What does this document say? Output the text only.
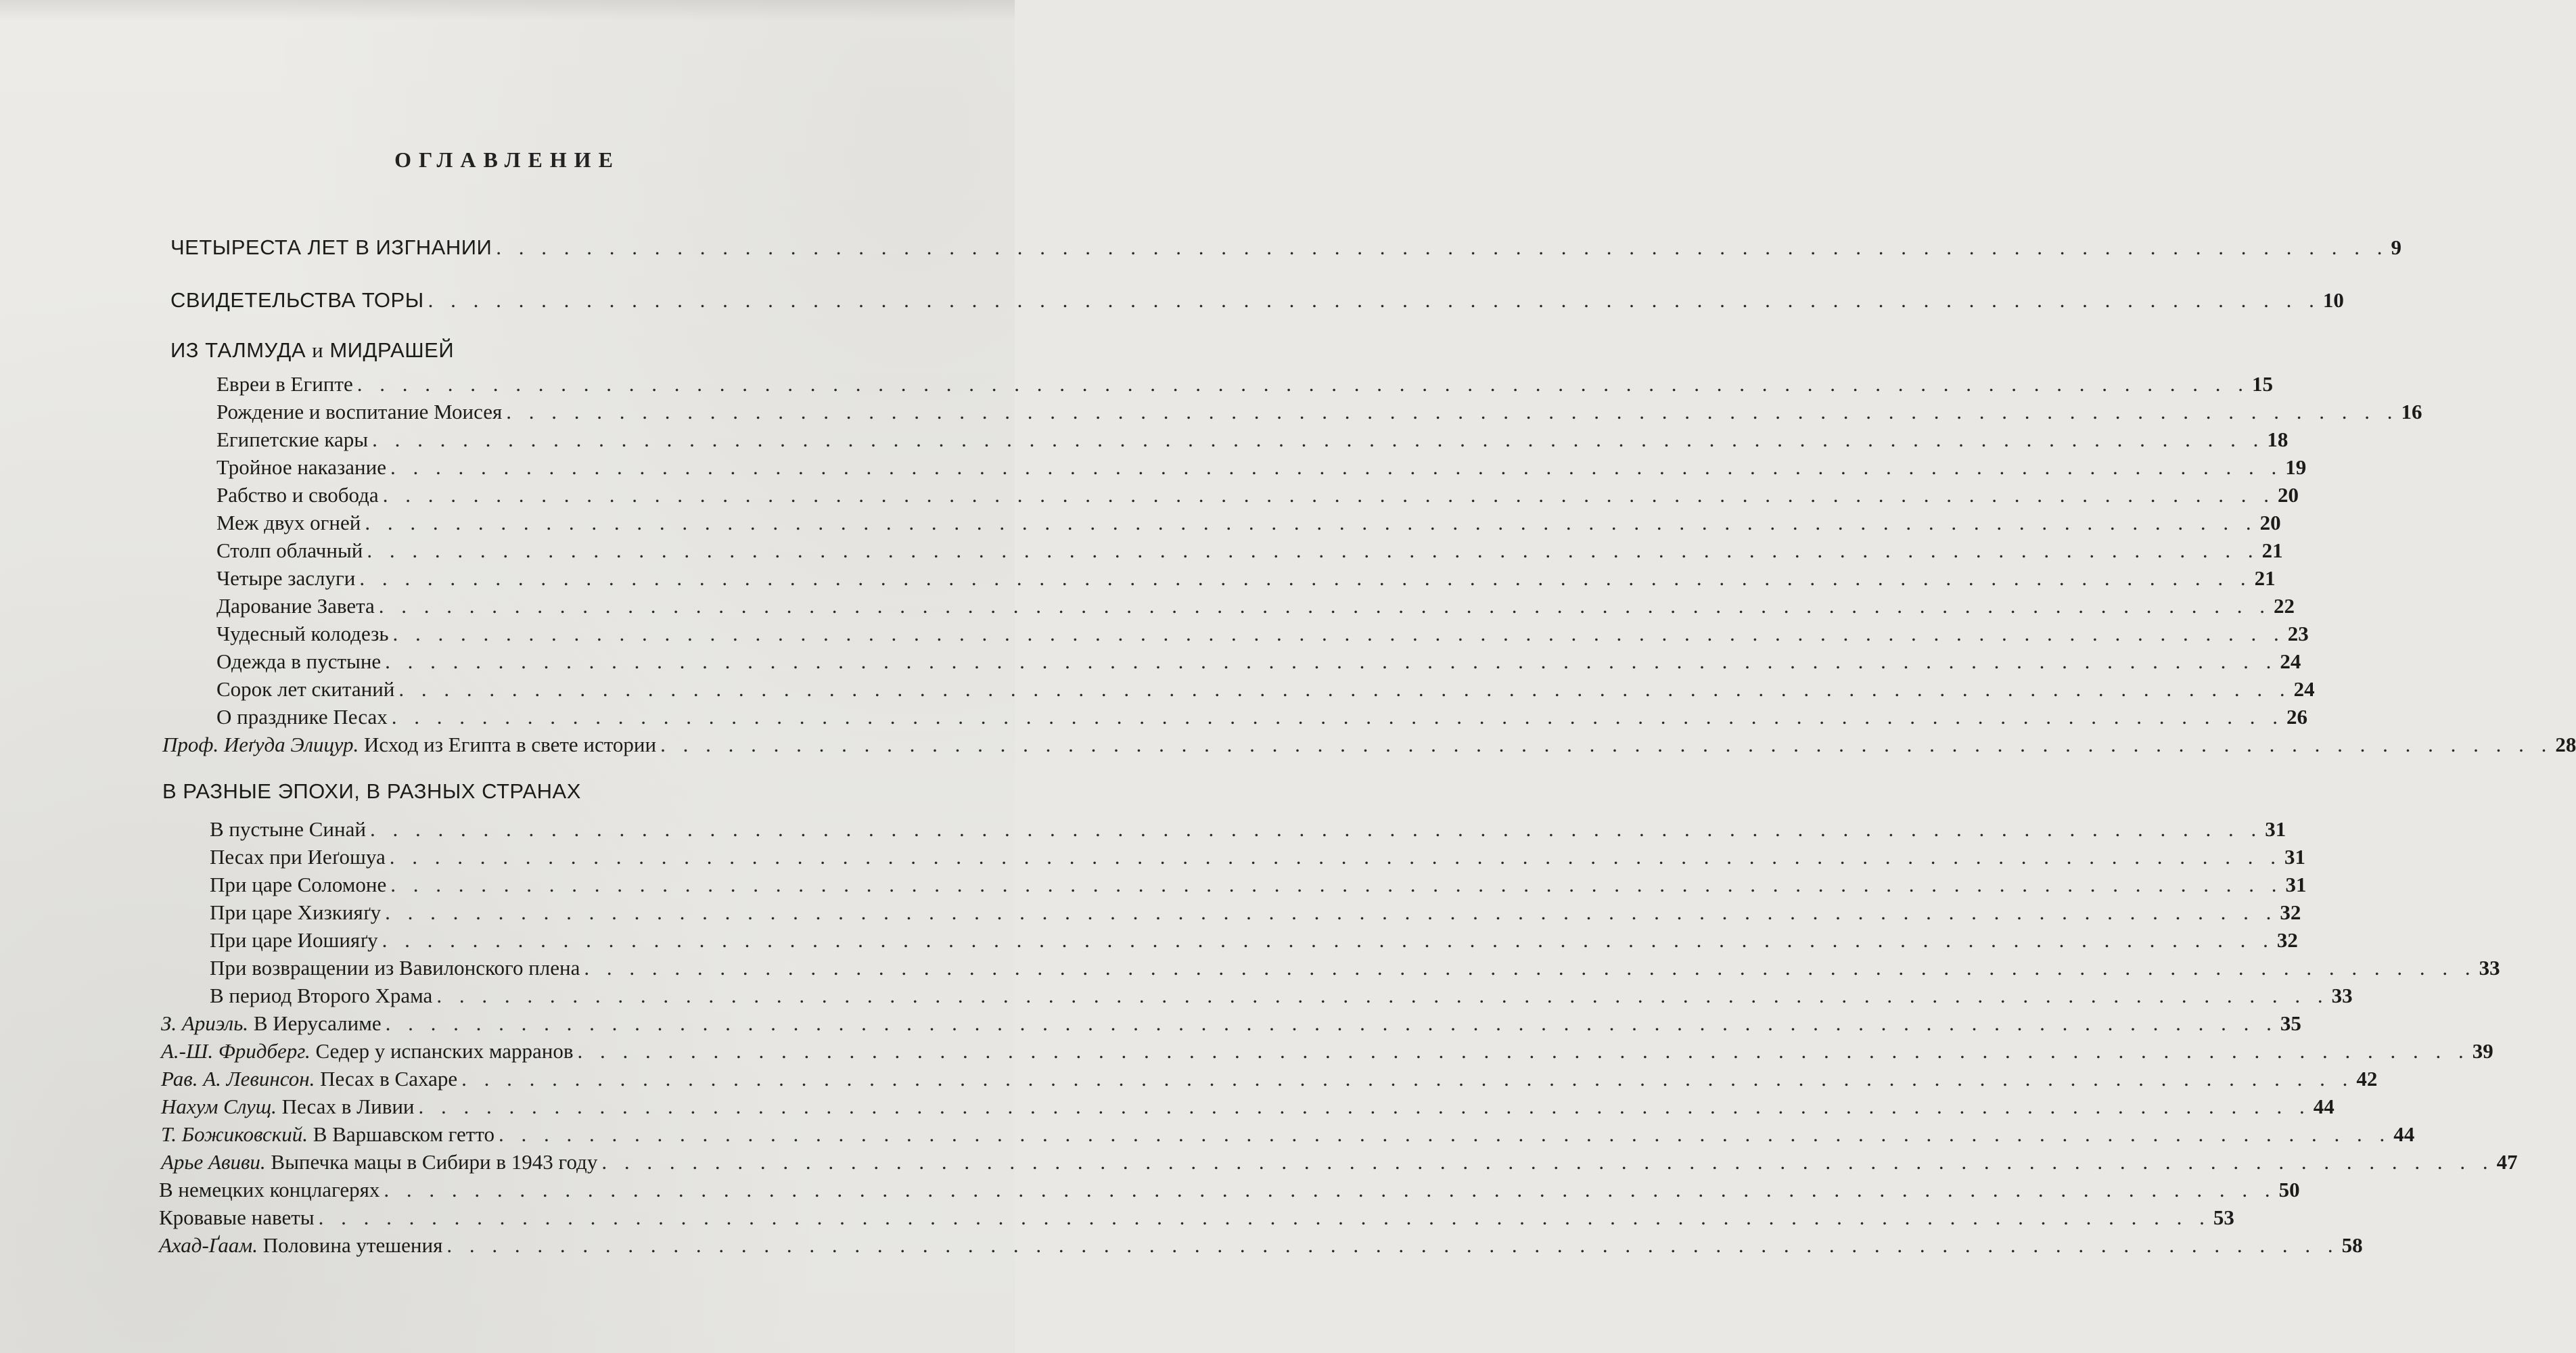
ОГЛАВЛЕНИЕ
ЧЕТЫРЕСТА ЛЕТ В ИЗГНАНИИ . . . . . . . . . . . . . . . . . . . . . . . . . . . . . . . . . . . . . . . . . . . . . . . . . . . . . . . . . . . . . . . . . . . . . . . . . . . . . . . . . . . . 9
СВИДЕТЕЛЬСТВА ТОРЫ . . . . . . . . . . . . . . . . . . . . . . . . . . . . . . . . . . . . . . . . . . . . . . . . . . . . . . . . . . . . . . . . . . . . . . . . . . . . . . . . . . . . 10
ИЗ ТАЛМУДА и МИДРАШЕЙ
Евреи в Египте . . . . . . . . . . . . . . . . . . . . . . . . . . . . . . . . . . . . . . . . . . . . . . . . . . . . . . . . . . . . . . . . . . . . . . . . . . . . . . . . . . . . 15
Рождение и воспитание Моисея . . . . . . . . . . . . . . . . . . . . . . . . . . . . . . . . . . . . . . . . . . . . . . . . . . . . . . . . . . . . . . . . . . . . . . . . . . . . . . . . . . . . 16
Египетские кары . . . . . . . . . . . . . . . . . . . . . . . . . . . . . . . . . . . . . . . . . . . . . . . . . . . . . . . . . . . . . . . . . . . . . . . . . . . . . . . . . . . . 18
Тройное наказание . . . . . . . . . . . . . . . . . . . . . . . . . . . . . . . . . . . . . . . . . . . . . . . . . . . . . . . . . . . . . . . . . . . . . . . . . . . . . . . . . . . . 19
Рабство и свобода . . . . . . . . . . . . . . . . . . . . . . . . . . . . . . . . . . . . . . . . . . . . . . . . . . . . . . . . . . . . . . . . . . . . . . . . . . . . . . . . . . . . 20
Меж двух огней . . . . . . . . . . . . . . . . . . . . . . . . . . . . . . . . . . . . . . . . . . . . . . . . . . . . . . . . . . . . . . . . . . . . . . . . . . . . . . . . . . . . 20
Столп облачный . . . . . . . . . . . . . . . . . . . . . . . . . . . . . . . . . . . . . . . . . . . . . . . . . . . . . . . . . . . . . . . . . . . . . . . . . . . . . . . . . . . . 21
Четыре заслуги . . . . . . . . . . . . . . . . . . . . . . . . . . . . . . . . . . . . . . . . . . . . . . . . . . . . . . . . . . . . . . . . . . . . . . . . . . . . . . . . . . . . 21
Дарование Завета . . . . . . . . . . . . . . . . . . . . . . . . . . . . . . . . . . . . . . . . . . . . . . . . . . . . . . . . . . . . . . . . . . . . . . . . . . . . . . . . . . . . 22
Чудесный колодезь . . . . . . . . . . . . . . . . . . . . . . . . . . . . . . . . . . . . . . . . . . . . . . . . . . . . . . . . . . . . . . . . . . . . . . . . . . . . . . . . . . . . 23
Одежда в пустыне . . . . . . . . . . . . . . . . . . . . . . . . . . . . . . . . . . . . . . . . . . . . . . . . . . . . . . . . . . . . . . . . . . . . . . . . . . . . . . . . . . . . 24
Сорок лет скитаний . . . . . . . . . . . . . . . . . . . . . . . . . . . . . . . . . . . . . . . . . . . . . . . . . . . . . . . . . . . . . . . . . . . . . . . . . . . . . . . . . . . . 24
О празднике Песах . . . . . . . . . . . . . . . . . . . . . . . . . . . . . . . . . . . . . . . . . . . . . . . . . . . . . . . . . . . . . . . . . . . . . . . . . . . . . . . . . . . . 26
Проф. Иеґуда Элицур. Исход из Египта в свете истории . . . . . . . . . . . . . . . . . . . . . . . . . . . . . . . . . . . . . . . . . . . . . . . . . . . . . . . . . . . . . . . . . . . . . . . . . . . . . . . . . . . . 28
В РАЗНЫЕ ЭПОХИ, В РАЗНЫХ СТРАНАХ
В пустыне Синай . . . . . . . . . . . . . . . . . . . . . . . . . . . . . . . . . . . . . . . . . . . . . . . . . . . . . . . . . . . . . . . . . . . . . . . . . . . . . . . . . . . . 31
Песах при Иеґошуа . . . . . . . . . . . . . . . . . . . . . . . . . . . . . . . . . . . . . . . . . . . . . . . . . . . . . . . . . . . . . . . . . . . . . . . . . . . . . . . . . . . . 31
При царе Соломоне . . . . . . . . . . . . . . . . . . . . . . . . . . . . . . . . . . . . . . . . . . . . . . . . . . . . . . . . . . . . . . . . . . . . . . . . . . . . . . . . . . . . 31
При царе Хизкияґу . . . . . . . . . . . . . . . . . . . . . . . . . . . . . . . . . . . . . . . . . . . . . . . . . . . . . . . . . . . . . . . . . . . . . . . . . . . . . . . . . . . . 32
При царе Иошияґу . . . . . . . . . . . . . . . . . . . . . . . . . . . . . . . . . . . . . . . . . . . . . . . . . . . . . . . . . . . . . . . . . . . . . . . . . . . . . . . . . . . . 32
При возвращении из Вавилонского плена . . . . . . . . . . . . . . . . . . . . . . . . . . . . . . . . . . . . . . . . . . . . . . . . . . . . . . . . . . . . . . . . . . . . . . . . . . . . . . . . . . . . 33
В период Второго Храма . . . . . . . . . . . . . . . . . . . . . . . . . . . . . . . . . . . . . . . . . . . . . . . . . . . . . . . . . . . . . . . . . . . . . . . . . . . . . . . . . . . . 33
З. Ариэль. В Иерусалиме . . . . . . . . . . . . . . . . . . . . . . . . . . . . . . . . . . . . . . . . . . . . . . . . . . . . . . . . . . . . . . . . . . . . . . . . . . . . . . . . . . . . 35
А.-Ш. Фридберг. Седер у испанских марранов . . . . . . . . . . . . . . . . . . . . . . . . . . . . . . . . . . . . . . . . . . . . . . . . . . . . . . . . . . . . . . . . . . . . . . . . . . . . . . . . . . . . 39
Рав. А. Левинсон. Песах в Сахаре . . . . . . . . . . . . . . . . . . . . . . . . . . . . . . . . . . . . . . . . . . . . . . . . . . . . . . . . . . . . . . . . . . . . . . . . . . . . . . . . . . . . 42
Нахум Слущ. Песах в Ливии . . . . . . . . . . . . . . . . . . . . . . . . . . . . . . . . . . . . . . . . . . . . . . . . . . . . . . . . . . . . . . . . . . . . . . . . . . . . . . . . . . . . 44
Т. Божиковский. В Варшавском гетто . . . . . . . . . . . . . . . . . . . . . . . . . . . . . . . . . . . . . . . . . . . . . . . . . . . . . . . . . . . . . . . . . . . . . . . . . . . . . . . . . . . . 44
Арье Авиви. Выпечка мацы в Сибири в 1943 году . . . . . . . . . . . . . . . . . . . . . . . . . . . . . . . . . . . . . . . . . . . . . . . . . . . . . . . . . . . . . . . . . . . . . . . . . . . . . . . . . . . . 47
В немецких концлагерях . . . . . . . . . . . . . . . . . . . . . . . . . . . . . . . . . . . . . . . . . . . . . . . . . . . . . . . . . . . . . . . . . . . . . . . . . . . . . . . . . . . . 50
Кровавые наветы . . . . . . . . . . . . . . . . . . . . . . . . . . . . . . . . . . . . . . . . . . . . . . . . . . . . . . . . . . . . . . . . . . . . . . . . . . . . . . . . . . . . 53
Ахад-Ґаам. Половина утешения . . . . . . . . . . . . . . . . . . . . . . . . . . . . . . . . . . . . . . . . . . . . . . . . . . . . . . . . . . . . . . . . . . . . . . . . . . . . . . . . . . . . 58
